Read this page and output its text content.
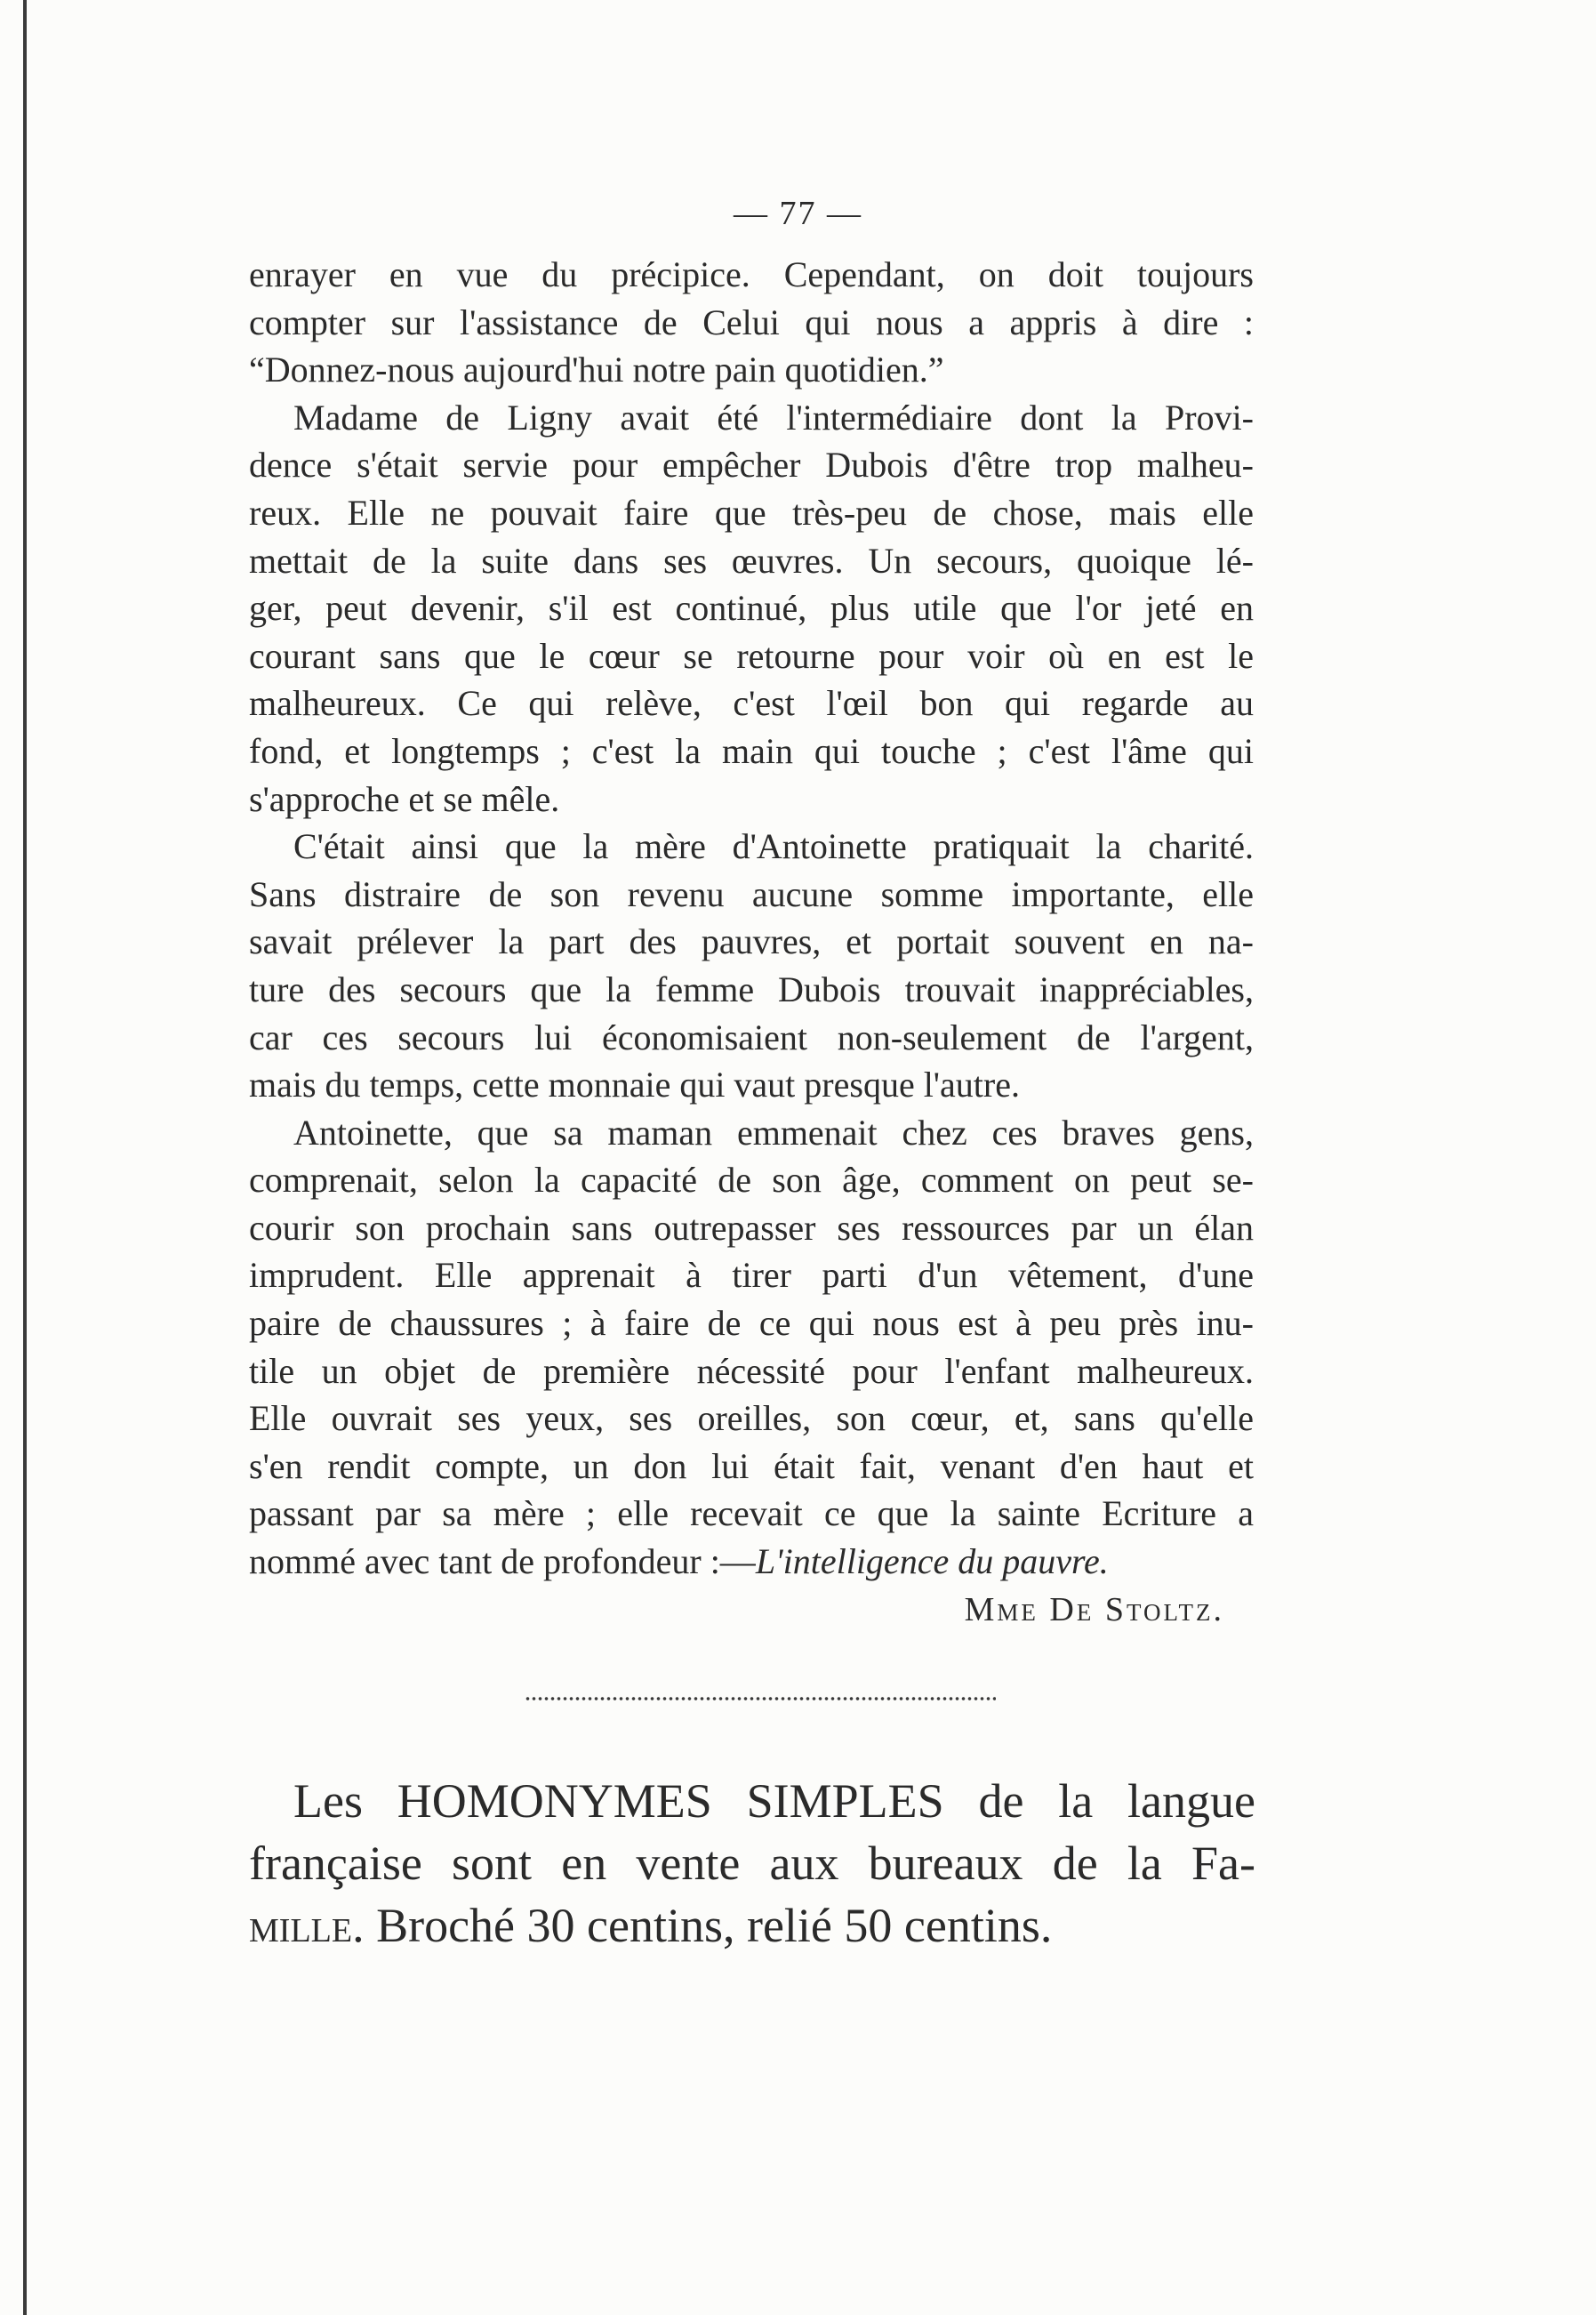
— 77 —

enrayer en vue du précipice. Cependant, on doit toujours
compter sur l'assistance de Celui qui nous a appris à dire :
“Donnez-nous aujourd'hui notre pain quotidien.”

Madame de Ligny avait été l'intermédiaire dont la Provi-
dence s'était servie pour empêcher Dubois d'être trop malheu-
reux. Elle ne pouvait faire que très-peu de chose, mais elle
mettait de la suite dans ses œuvres. Un secours, quoique lé-
ger, peut devenir, s'il est continué, plus utile que l'or jeté en
courant sans que le cœur se retourne pour voir où en est le
malheureux. Ce qui relève, c'est l'œil bon qui regarde au
fond, et longtemps ; c'est la main qui touche ; c'est l'âme qui
s'approche et se mêle.

C'était ainsi que la mère d'Antoinette pratiquait la charité.
Sans distraire de son revenu aucune somme importante, elle
savait prélever la part des pauvres, et portait souvent en na-
ture des secours que la femme Dubois trouvait inappréciables,
car ces secours lui économisaient non-seulement de l'argent,
mais du temps, cette monnaie qui vaut presque l'autre.

Antoinette, que sa maman emmenait chez ces braves gens,
comprenait, selon la capacité de son âge, comment on peut se-
courir son prochain sans outrepasser ses ressources par un élan
imprudent. Elle apprenait à tirer parti d'un vêtement, d'une
paire de chaussures ; à faire de ce qui nous est à peu près inu-
tile un objet de première nécessité pour l'enfant malheureux.
Elle ouvrait ses yeux, ses oreilles, son cœur, et, sans qu'elle
s'en rendit compte, un don lui était fait, venant d'en haut et
passant par sa mère ; elle recevait ce que la sainte Ecriture a
nommé avec tant de profondeur :—L'intelligence du pauvre.

Mme De Stoltz.
Les HOMONYMES SIMPLES de la langue
française sont en vente aux bureaux de la Fa-
mille. Broché 30 centins, relié 50 centins.
